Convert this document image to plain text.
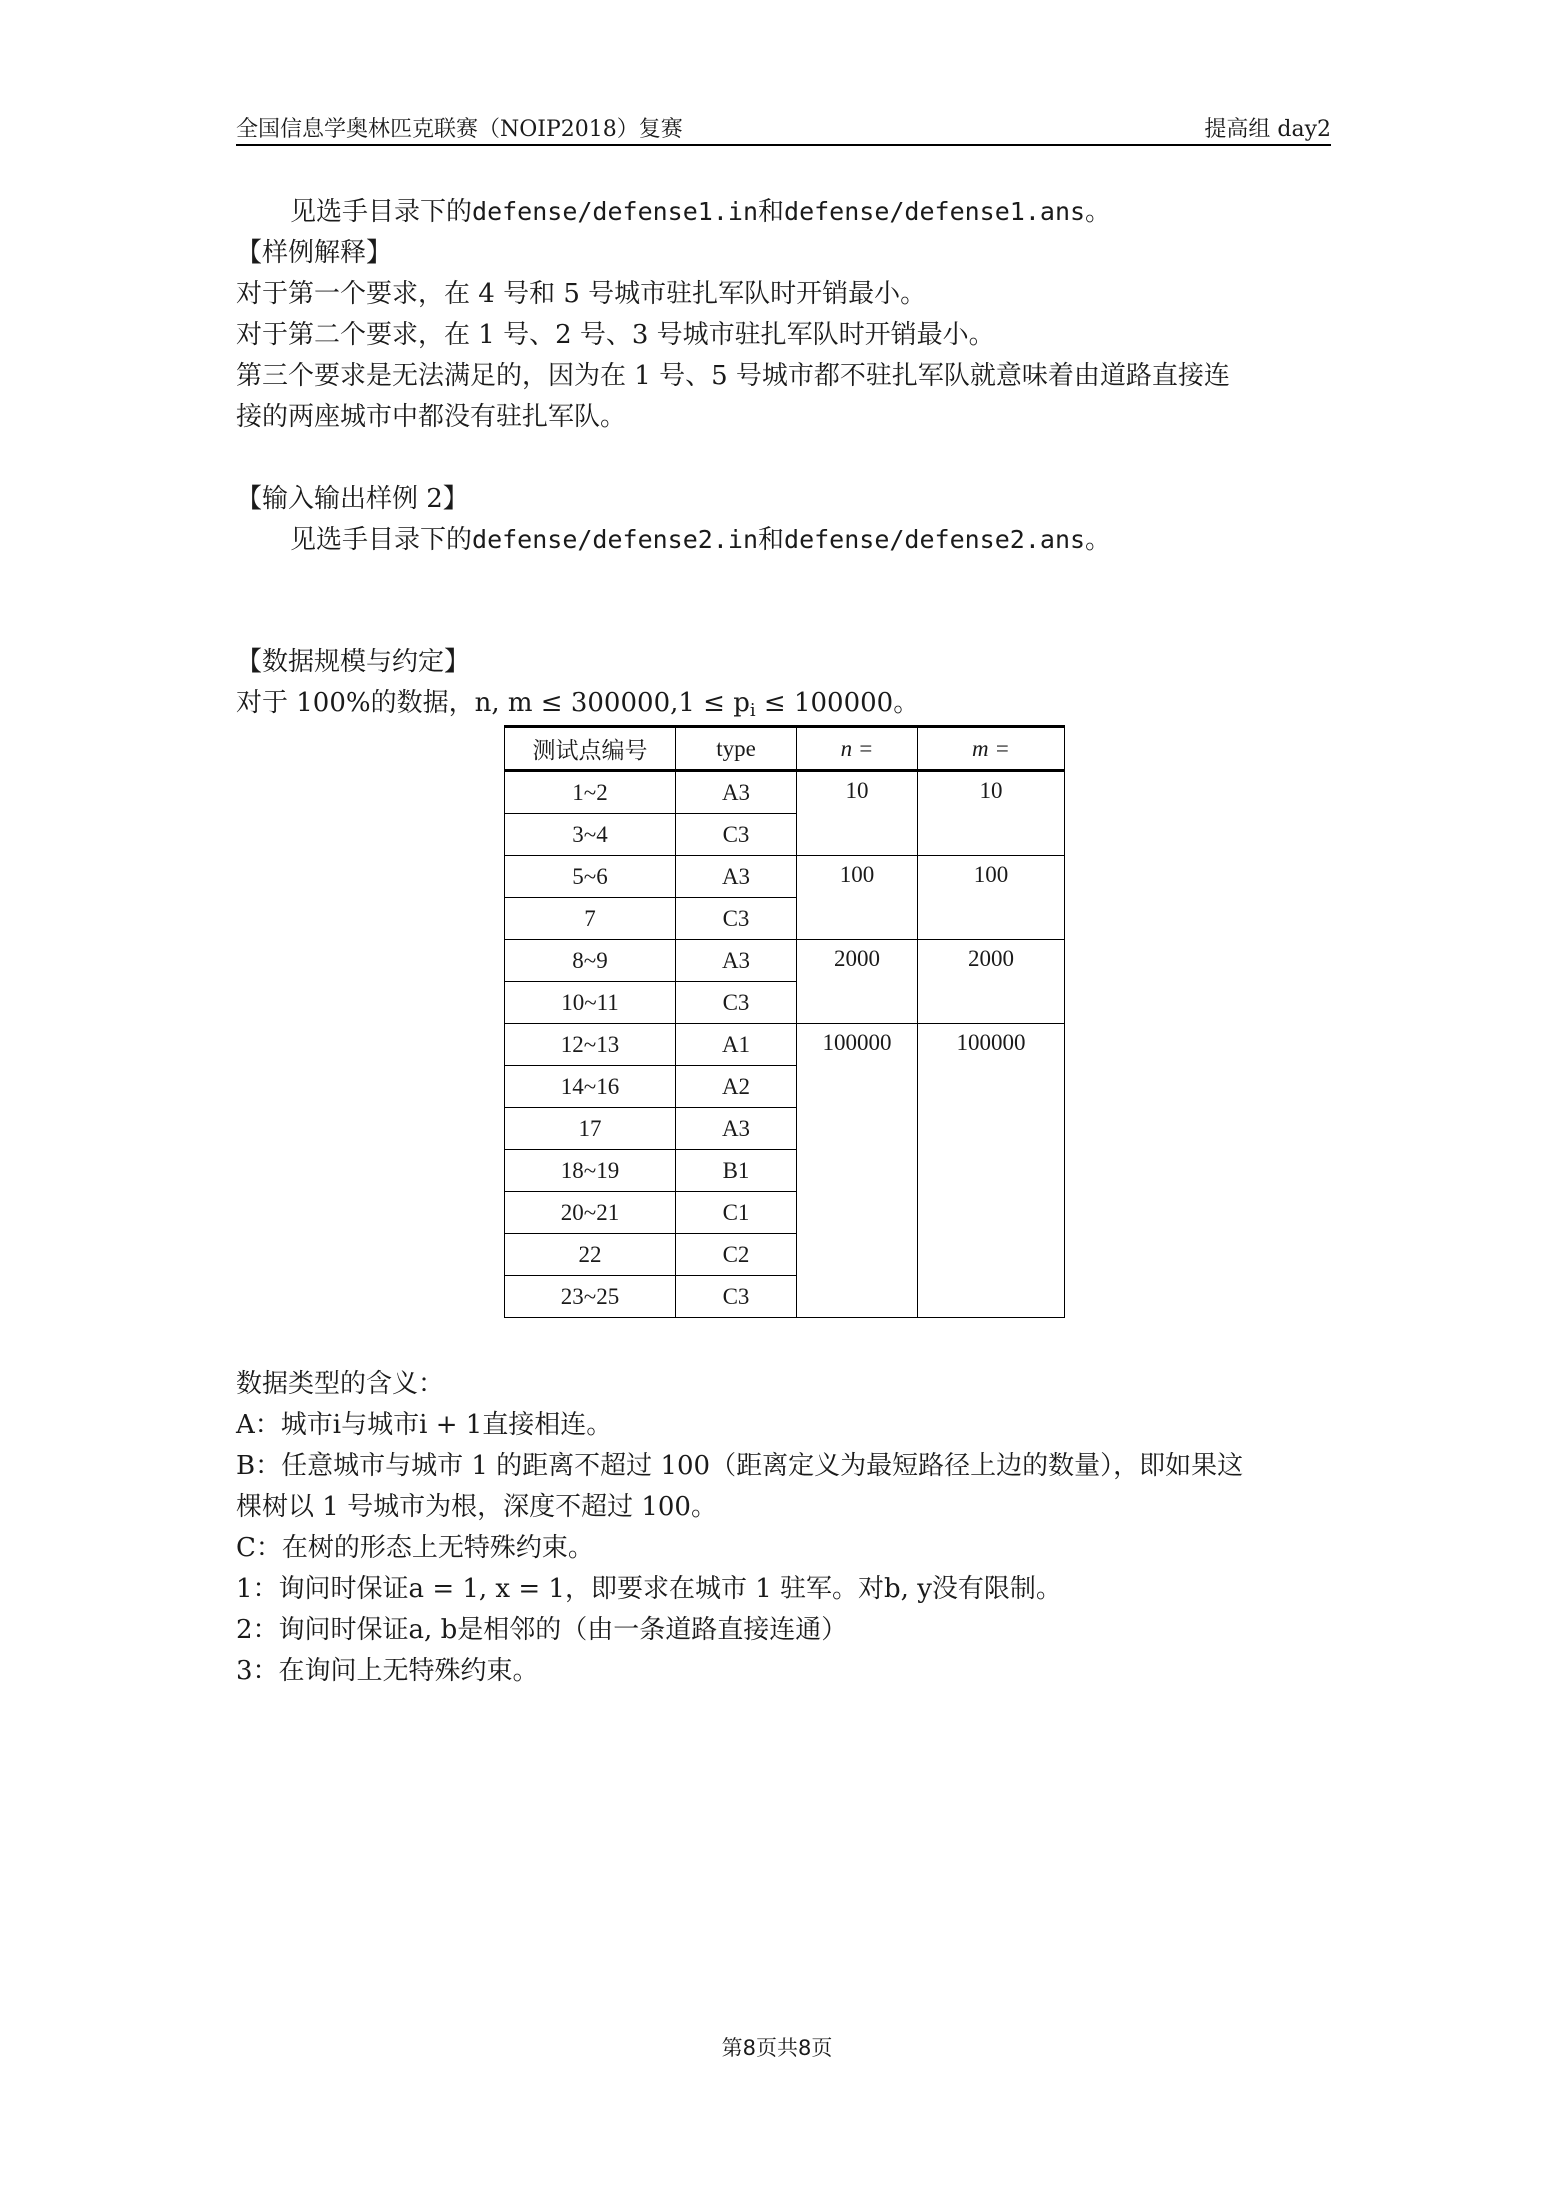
全国信息学奥林匹克联赛（NOIP2018）复赛	提高组 day2
见选手目录下的defense/defense1.in和defense/defense1.ans。
【样例解释】
对于第一个要求，在 4 号和 5 号城市驻扎军队时开销最小。
对于第二个要求，在 1 号、2 号、3 号城市驻扎军队时开销最小。
第三个要求是无法满足的，因为在 1 号、5 号城市都不驻扎军队就意味着由道路直接连
接的两座城市中都没有驻扎军队。
【输入输出样例 2】
见选手目录下的defense/defense2.in和defense/defense2.ans。
【数据规模与约定】
对于 100%的数据，n, $m \le 300000,1 \le p_i \le 100000$。
测试点编号	type	n =	m =
1~2	A3	10	10
3~4	C3		
5~6	A3	100	100
7	C3		
8~9	A3	2000	2000
10~11	C3		
12~13	A1	100000	100000
14~16	A2		
17	A3		
18~19	B1		
20~21	C1		
22	C2		
23~25	C3		
数据类型的含义：
A：城市i与城市i + 1直接相连。
B：任意城市与城市 1 的距离不超过 100（距离定义为最短路径上边的数量），即如果这
棵树以 1 号城市为根，深度不超过 100。
C：在树的形态上无特殊约束。
1：询问时保证a = 1, x = 1，即要求在城市 1 驻军。对b, y没有限制。
2：询问时保证a, b是相邻的（由一条道路直接连通）
3：在询问上无特殊约束。
第8页共8页
